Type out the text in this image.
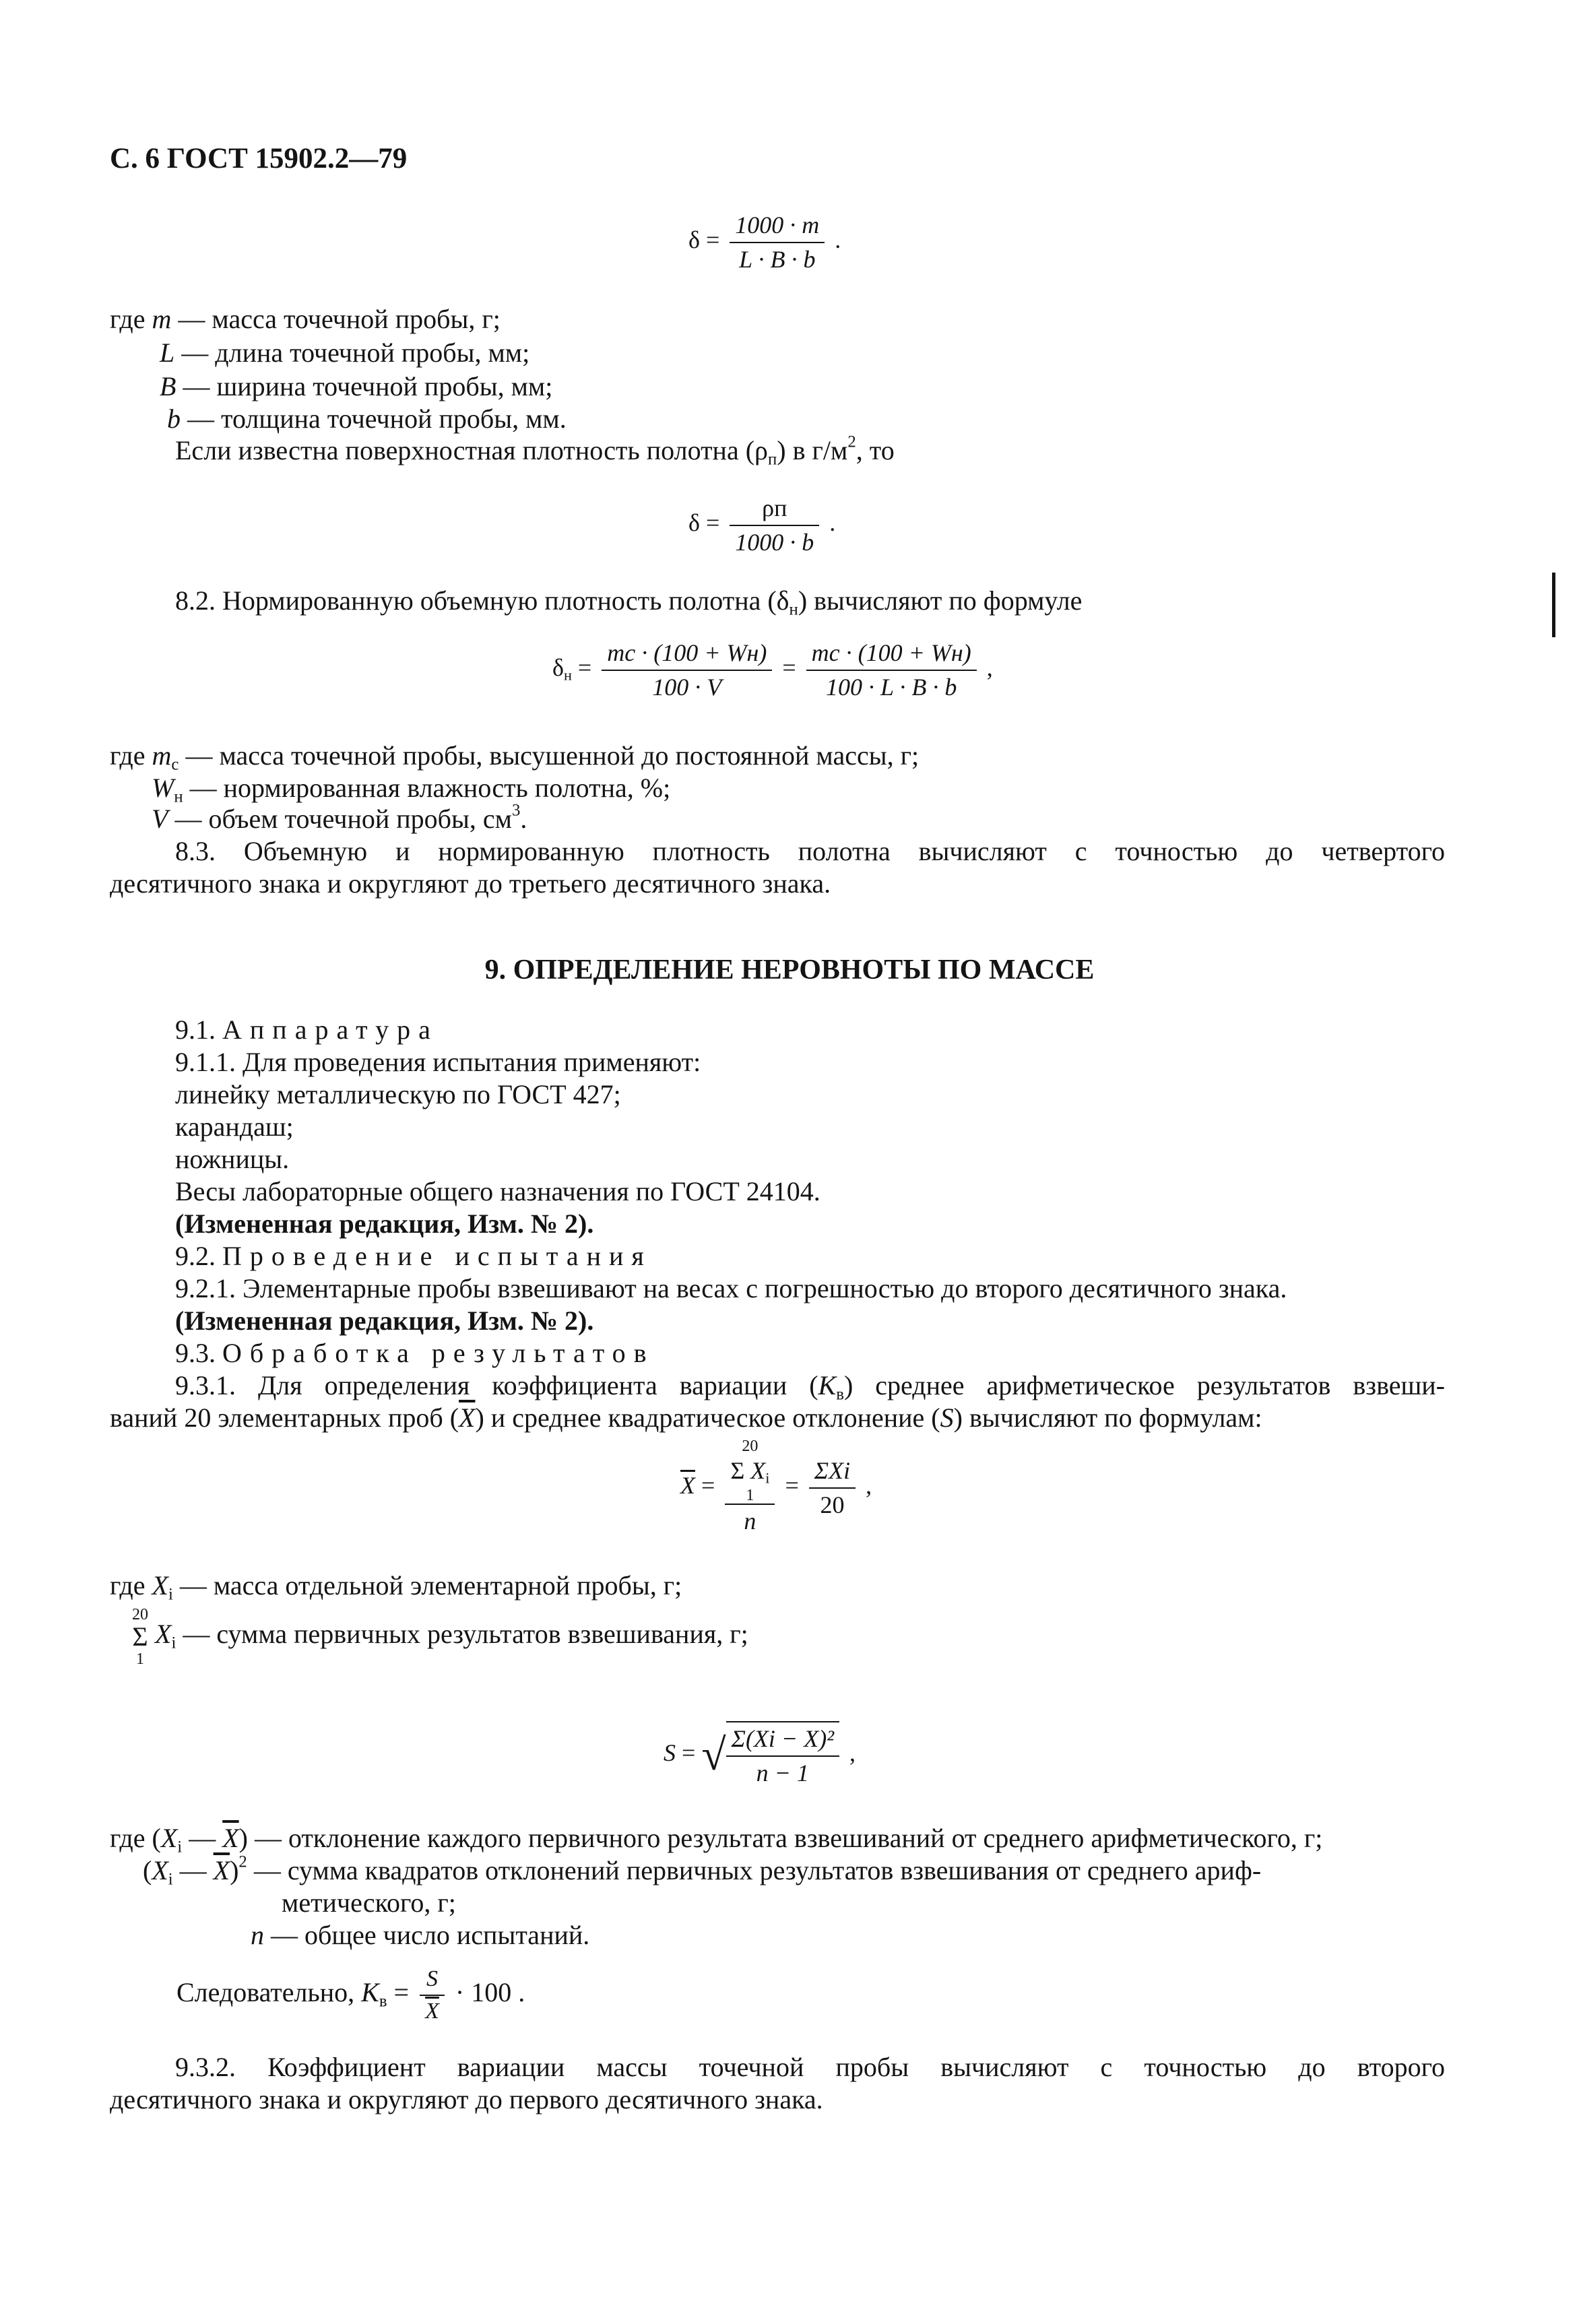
С. 6 ГОСТ 15902.2—79
$\delta = \frac{1000 \cdot m}{L \cdot B \cdot b}$ .
где m — масса точечной пробы, г;
L — длина точечной пробы, мм;
B — ширина точечной пробы, мм;
b — толщина точечной пробы, мм.
Если известна поверхностная плотность полотна $(\rho_п)$ в $г/м^2$, то
δ =
ρп
1000 · b
.
8.2. Нормированную объемную плотность полотна $(\delta_н)$ вычисляют по формуле
$\delta_н$ =
mc · (100 + Wн)
100 · V
=
mc · (100 + Wн)
100 · L · B · b
,
где $m_с$ — масса точечной пробы, высушенной до постоянной массы, г;
$W_н$ — нормированная влажность полотна, %;
V — объем точечной пробы, $см^3$.
8.3. Объемную и нормированную плотность полотна вычисляют с точностью до четвертого
десятичного знака и округляют до третьего десятичного знака.
9. ОПРЕДЕЛЕНИЕ НЕРОВНОТЫ ПО МАССЕ
9.1. Аппаратура
9.1.1. Для проведения испытания применяют:
линейку металлическую по ГОСТ 427;
карандаш;
ножницы.
Весы лабораторные общего назначения по ГОСТ 24104.
(Измененная редакция, Изм. № 2).
9.2. Проведение испытания
9.2.1. Элементарные пробы взвешивают на весах с погрешностью до второго десятичного знака.
(Измененная редакция, Изм. № 2).
9.3. Обработка результатов
9.3.1. Для определения коэффициента вариации $(K_в)$ среднее арифметическое результатов взвеши-
ваний 20 элементарных проб $(\overline{X})$ и среднее квадратическое отклонение (S) вычисляют по формулам:
$\overline{X} = 20$
Σ $X_i$
1
n =
ΣXi
20
,
где $X_i$ — масса отдельной элементарной пробы, г;
20
Σ
1
$X_i$ — сумма первичных результатов взвешивания, г;
S = √ $\frac{\text{Σ(Xi − X)²}}{n - 1}$ ,
где ($X_i$ — $\overline{X}$) — отклонение каждого первичного результата взвешиваний от среднего арифметического, г;
($X_i$ — $\overline{X})^2$ — сумма квадратов отклонений первичных результатов взвешивания от среднего ариф-
метического, г;
n — общее число испытаний.
Следовательно, $K_в = \frac{S}{X} \cdot 100$ .
9.3.2. Коэффициент вариации массы точечной пробы вычисляют с точностью до второго
десятичного знака и округляют до первого десятичного знака.
